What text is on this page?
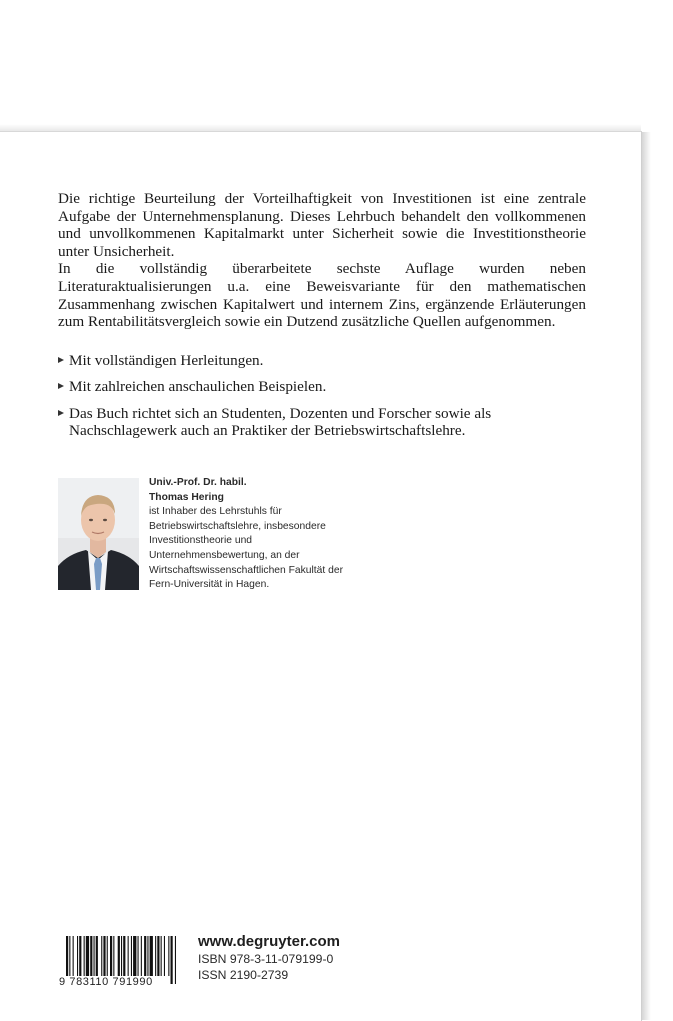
Die richtige Beurteilung der Vorteilhaftigkeit von Investitionen ist eine zentrale Aufgabe der Unternehmensplanung. Dieses Lehrbuch behandelt den vollkommenen und unvollkommenen Kapitalmarkt unter Sicherheit sowie die Investitionstheorie unter Unsicherheit.

In die vollständig überarbeitete sechste Auflage wurden neben Literaturaktualisierungen u.a. eine Beweisvariante für den mathematischen Zusammenhang zwischen Kapitalwert und internem Zins, ergänzende Erläuterungen zum Rentabilitätsvergleich sowie ein Dutzend zusätzliche Quellen aufgenommen.

Mit vollständigen Herleitungen.
Mit zahlreichen anschaulichen Beispielen.
Das Buch richtet sich an Studenten, Dozenten und Forscher sowie als Nachschlagewerk auch an Praktiker der Betriebswirtschaftslehre.
Univ.-Prof. Dr. habil.
Thomas Hering
ist Inhaber des Lehrstuhls für Betriebswirtschaftslehre, insbesondere Investitionstheorie und Unternehmensbewertung, an der Wirtschaftswissenschaftlichen Fakultät der Fern-Universität in Hagen.
9 783110 791990
www.degruyter.com
ISBN 978-3-11-079199-0
ISSN 2190-2739
